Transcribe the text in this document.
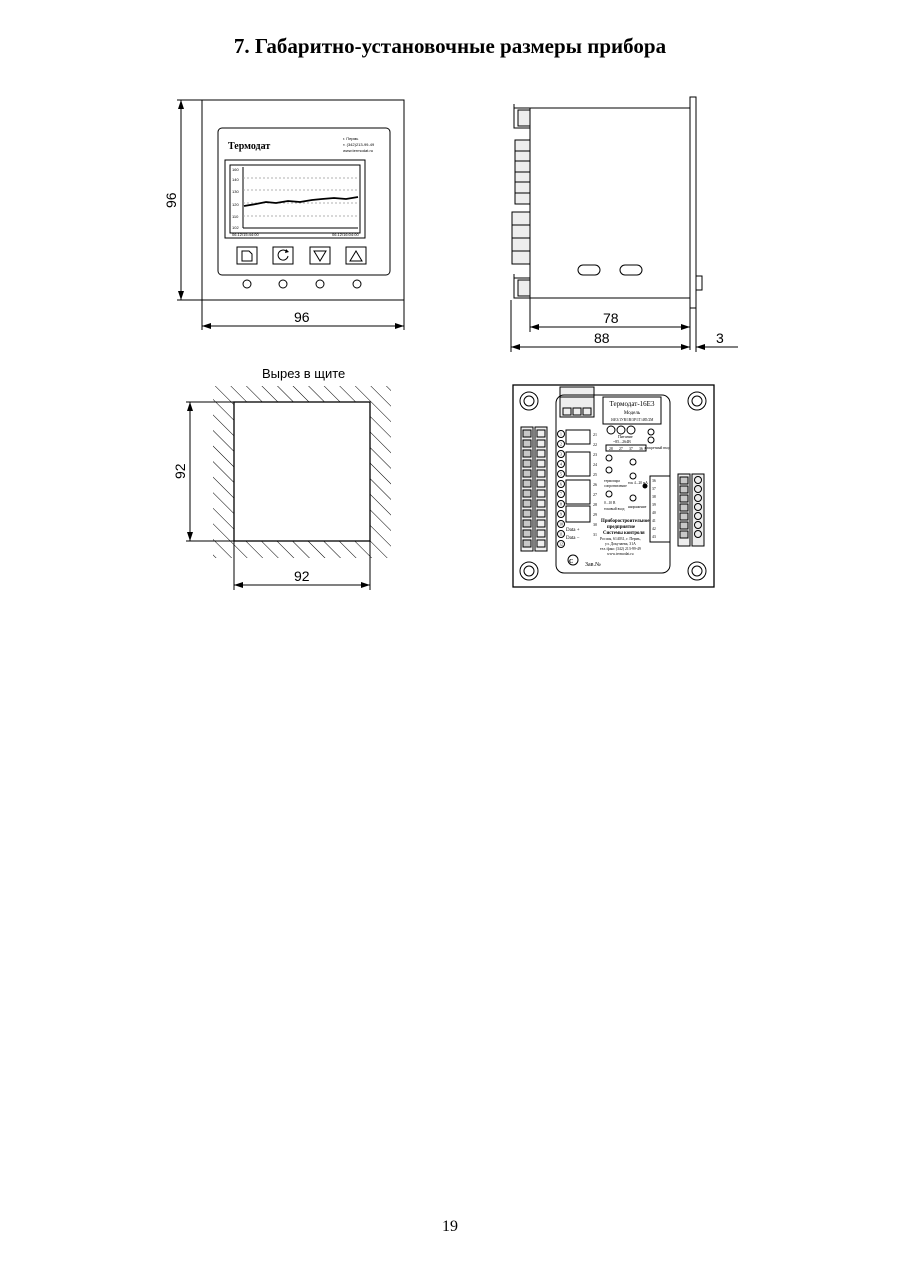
7. Габаритно-установочные размеры прибора
Термодат
г. Пермь
т. (342)213-99-49
www.termodat.ru
160
140
130
120
110
102
06.12/15:44:00	06.12/16:04:00
96
96	78
88	3
Вырез в щите
92
92
Термодат-16Е3
Модель
16Е3/1УВ/1В/3Р/1Т/485/2М
Питание
~85...264В
28 27 37 36 дискретный вход
Data +
Data −
21
22
23
24
25
26
27
28
29
30
31
термопара
сопротивление
ток 4...20 мА
напряжение
0...10 В
токовый вход
Приборостроительное
предприятие
Системы контроля
Россия, 614031, г. Пермь,
ул. Докучаева, 31А
тел./факс (342) 213-99-49
www.termodat.ru
С Зав.№
1
2
3
4
5
6
7
8
9
10
11
12
36
37
38
39
40
41
42
43
19
